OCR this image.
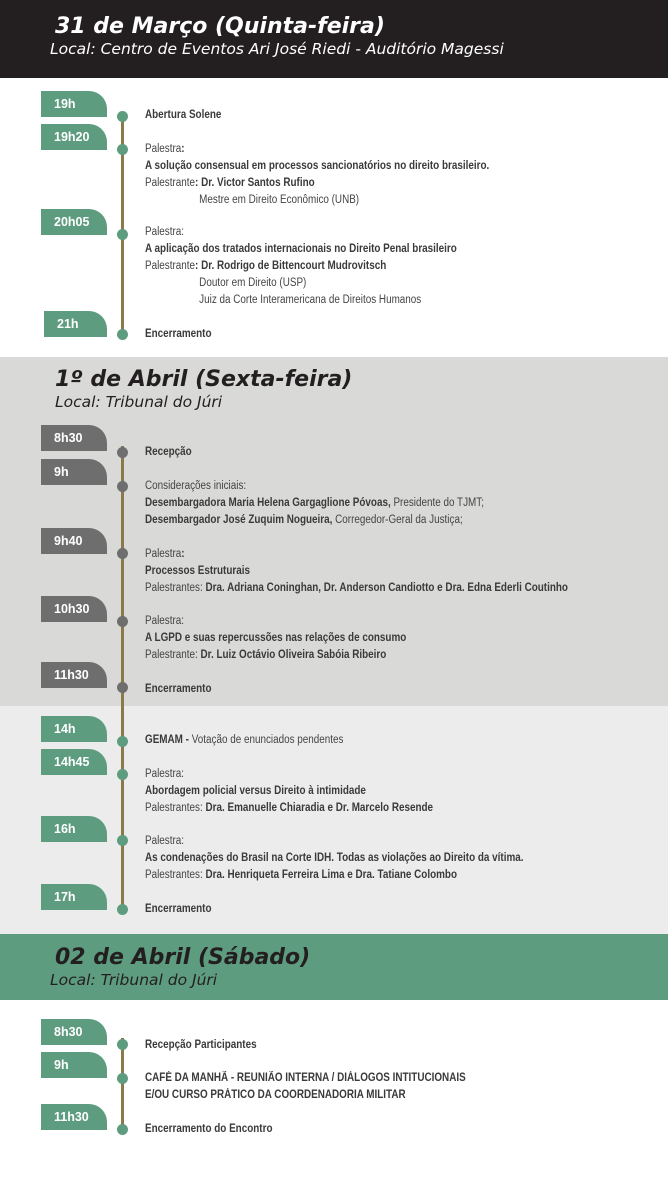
31 de Março (Quinta-feira)
Local: Centro de Eventos Ari José Riedi - Auditório Magessi
19h
Abertura Solene
19h20
Palestra:
A solução consensual em processos sancionatórios no direito brasileiro.
Palestrante: Dr. Victor Santos Rufino
Mestre em Direito Econômico (UNB)
20h05
Palestra:
A aplicação dos tratados internacionais no Direito Penal brasileiro
Palestrante: Dr. Rodrigo de Bittencourt Mudrovitsch
Doutor em Direito (USP)
Juiz da Corte Interamericana de Direitos Humanos
21h
Encerramento
1º de Abril (Sexta-feira)
Local: Tribunal do Júri
8h30
Recepção
9h
Considerações iniciais:
Desembargadora Maria Helena Gargaglione Póvoas, Presidente do TJMT;
Desembargador José Zuquim Nogueira, Corregedor-Geral da Justiça;
9h40
Palestra:
Processos Estruturais
Palestrantes: Dra. Adriana Coninghan, Dr. Anderson Candiotto e Dra. Edna Ederli Coutinho
10h30
Palestra:
A LGPD e suas repercussões nas relações de consumo
Palestrante: Dr. Luiz Octávio Oliveira Sabóia Ribeiro
11h30
Encerramento
14h
GEMAM - Votação de enunciados pendentes
14h45
Palestra:
Abordagem policial versus Direito à intimidade
Palestrantes: Dra. Emanuelle Chiaradia e Dr. Marcelo Resende
16h
Palestra:
As condenações do Brasil na Corte IDH. Todas as violações ao Direito da vítima.
Palestrantes: Dra. Henriqueta Ferreira Lima e Dra. Tatiane Colombo
17h
Encerramento
02 de Abril (Sábado)
Local: Tribunal do Júri
8h30
Recepção Participantes
9h
CAFÉ DA MANHÃ - REUNIÃO INTERNA / DIÁLOGOS INTITUCIONAIS
E/OU CURSO PRÁTICO DA COORDENADORIA MILITAR
11h30
Encerramento do Encontro
